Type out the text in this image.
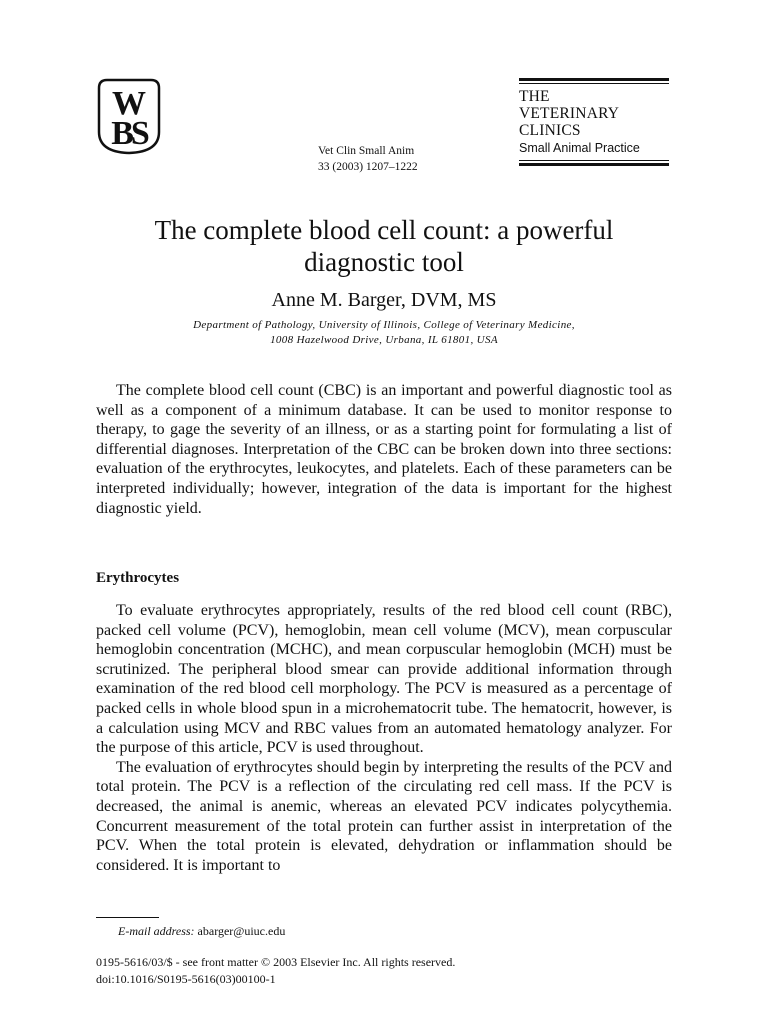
W
BS	Vet Clin Small Anim
33 (2003) 1207–1222
THE
VETERINARY
CLINICS
Small Animal Practice
The complete blood cell count: a powerful
diagnostic tool
Anne M. Barger, DVM, MS
Department of Pathology, University of Illinois, College of Veterinary Medicine,
1008 Hazelwood Drive, Urbana, IL 61801, USA

The complete blood cell count (CBC) is an important and powerful diagnostic tool as well as a component of a minimum database. It can be used to monitor response to therapy, to gage the severity of an illness, or as a starting point for formulating a list of differential diagnoses. Interpretation of the CBC can be broken down into three sections: evaluation of the erythrocytes, leukocytes, and platelets. Each of these parameters can be interpreted individually; however, integration of the data is important for the highest diagnostic yield.

Erythrocytes

To evaluate erythrocytes appropriately, results of the red blood cell count (RBC), packed cell volume (PCV), hemoglobin, mean cell volume (MCV), mean corpuscular hemoglobin concentration (MCHC), and mean corpuscular hemoglobin (MCH) must be scrutinized. The peripheral blood smear can provide additional information through examination of the red blood cell morphology. The PCV is measured as a percentage of packed cells in whole blood spun in a microhematocrit tube. The hematocrit, however, is a calculation using MCV and RBC values from an automated hematology analyzer. For the purpose of this article, PCV is used throughout.

The evaluation of erythrocytes should begin by interpreting the results of the PCV and total protein. The PCV is a reflection of the circulating red cell mass. If the PCV is decreased, the animal is anemic, whereas an elevated PCV indicates polycythemia. Concurrent measurement of the total protein can further assist in interpretation of the PCV. When the total protein is elevated, dehydration or inflammation should be considered. It is important to

E-mail address: abarger@uiuc.edu
0195-5616/03/$ - see front matter © 2003 Elsevier Inc. All rights reserved.
doi:10.1016/S0195-5616(03)00100-1
